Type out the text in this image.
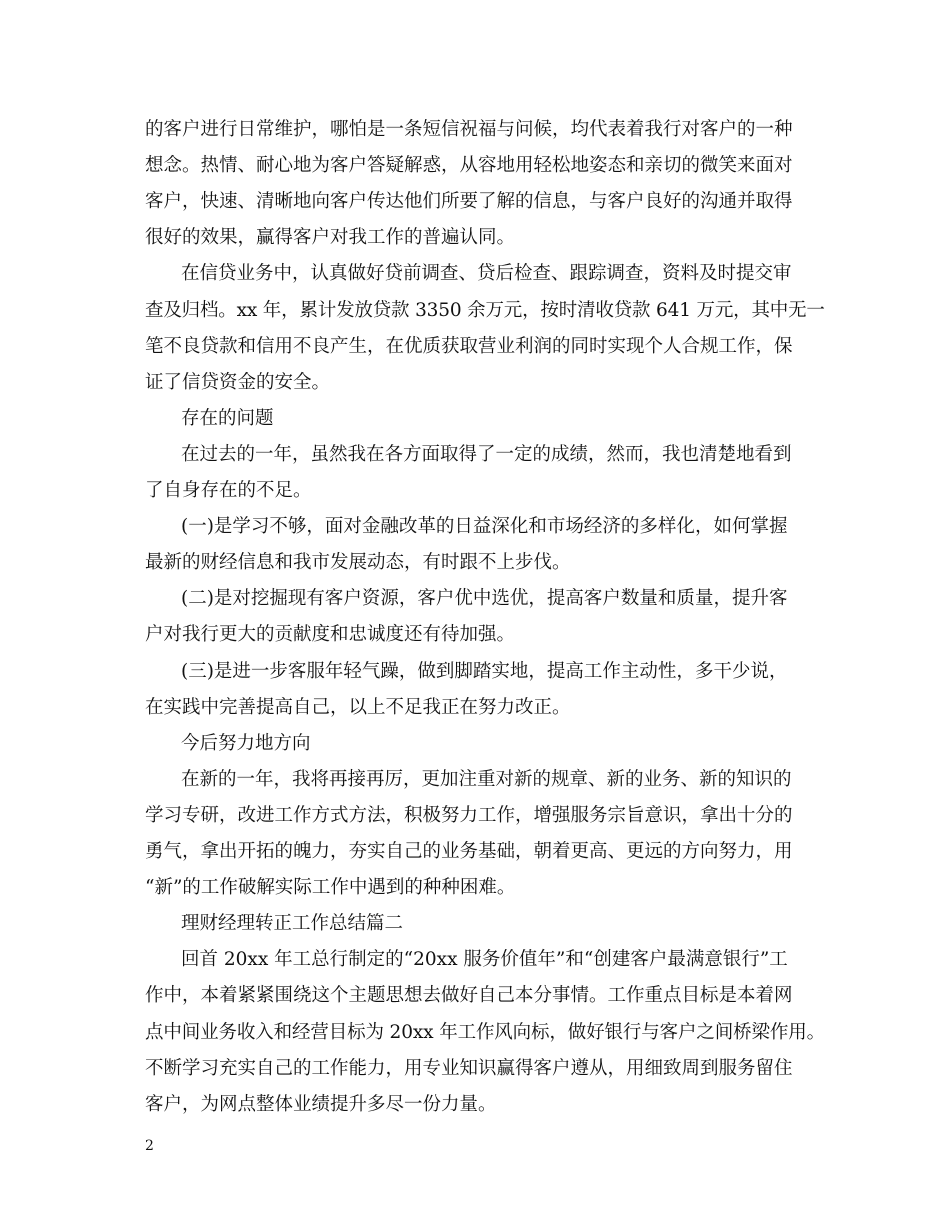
的客户进行日常维护，哪怕是一条短信祝福与问候，均代表着我行对客户的一种
想念。热情、耐心地为客户答疑解惑，从容地用轻松地姿态和亲切的微笑来面对
客户，快速、清晰地向客户传达他们所要了解的信息，与客户良好的沟通并取得
很好的效果，赢得客户对我工作的普遍认同。
在信贷业务中，认真做好贷前调查、贷后检查、跟踪调查，资料及时提交审
查及归档。xx 年，累计发放贷款 3350 余万元，按时清收贷款 641 万元，其中无一
笔不良贷款和信用不良产生，在优质获取营业利润的同时实现个人合规工作，保
证了信贷资金的安全。
存在的问题
在过去的一年，虽然我在各方面取得了一定的成绩，然而，我也清楚地看到
了自身存在的不足。
(一)是学习不够，面对金融改革的日益深化和市场经济的多样化，如何掌握
最新的财经信息和我市发展动态，有时跟不上步伐。
(二)是对挖掘现有客户资源，客户优中选优，提高客户数量和质量，提升客
户对我行更大的贡献度和忠诚度还有待加强。
(三)是进一步客服年轻气躁，做到脚踏实地，提高工作主动性，多干少说，
在实践中完善提高自己，以上不足我正在努力改正。
今后努力地方向
在新的一年，我将再接再厉，更加注重对新的规章、新的业务、新的知识的
学习专研，改进工作方式方法，积极努力工作，增强服务宗旨意识，拿出十分的
勇气，拿出开拓的魄力，夯实自己的业务基础，朝着更高、更远的方向努力，用
“新”的工作破解实际工作中遇到的种种困难。
理财经理转正工作总结篇二
回首 20xx 年工总行制定的“20xx 服务价值年”和“创建客户最满意银行”工
作中，本着紧紧围绕这个主题思想去做好自己本分事情。工作重点目标是本着网
点中间业务收入和经营目标为 20xx 年工作风向标，做好银行与客户之间桥梁作用。
不断学习充实自己的工作能力，用专业知识赢得客户遵从，用细致周到服务留住
客户，为网点整体业绩提升多尽一份力量。
2
